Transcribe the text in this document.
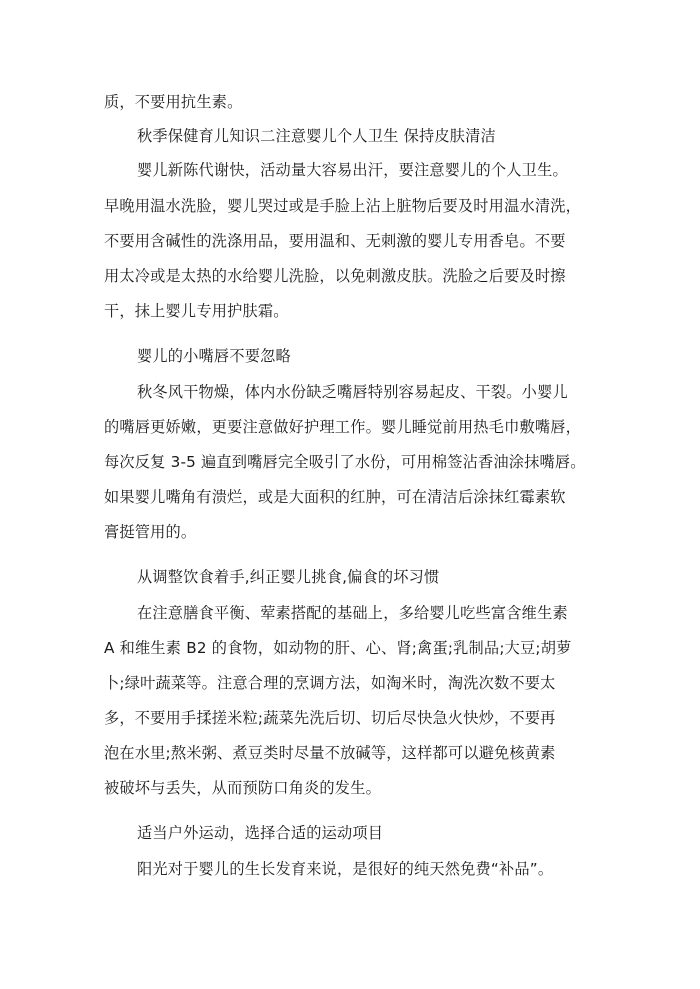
质，不要用抗生素。
秋季保健育儿知识二注意婴儿个人卫生 保持皮肤清洁
婴儿新陈代谢快，活动量大容易出汗，要注意婴儿的个人卫生。
早晚用温水洗脸，婴儿哭过或是手脸上沾上脏物后要及时用温水清洗，
不要用含碱性的洗涤用品，要用温和、无刺激的婴儿专用香皂。不要
用太冷或是太热的水给婴儿洗脸，以免刺激皮肤。洗脸之后要及时擦
干，抹上婴儿专用护肤霜。
婴儿的小嘴唇不要忽略
秋冬风干物燥，体内水份缺乏嘴唇特别容易起皮、干裂。小婴儿
的嘴唇更娇嫩，更要注意做好护理工作。婴儿睡觉前用热毛巾敷嘴唇，
每次反复 3-5 遍直到嘴唇完全吸引了水份，可用棉签沾香油涂抹嘴唇。
如果婴儿嘴角有溃烂，或是大面积的红肿，可在清洁后涂抹红霉素软
膏挺管用的。
从调整饮食着手,纠正婴儿挑食,偏食的坏习惯
在注意膳食平衡、荤素搭配的基础上，多给婴儿吃些富含维生素
A 和维生素 B2 的食物，如动物的肝、心、肾;禽蛋;乳制品;大豆;胡萝
卜;绿叶蔬菜等。注意合理的烹调方法，如淘米时，淘洗次数不要太
多，不要用手揉搓米粒;蔬菜先洗后切、切后尽快急火快炒，不要再
泡在水里;熬米粥、煮豆类时尽量不放碱等，这样都可以避免核黄素
被破坏与丢失，从而预防口角炎的发生。
适当户外运动，选择合适的运动项目
阳光对于婴儿的生长发育来说，是很好的纯天然免费“补品”。
